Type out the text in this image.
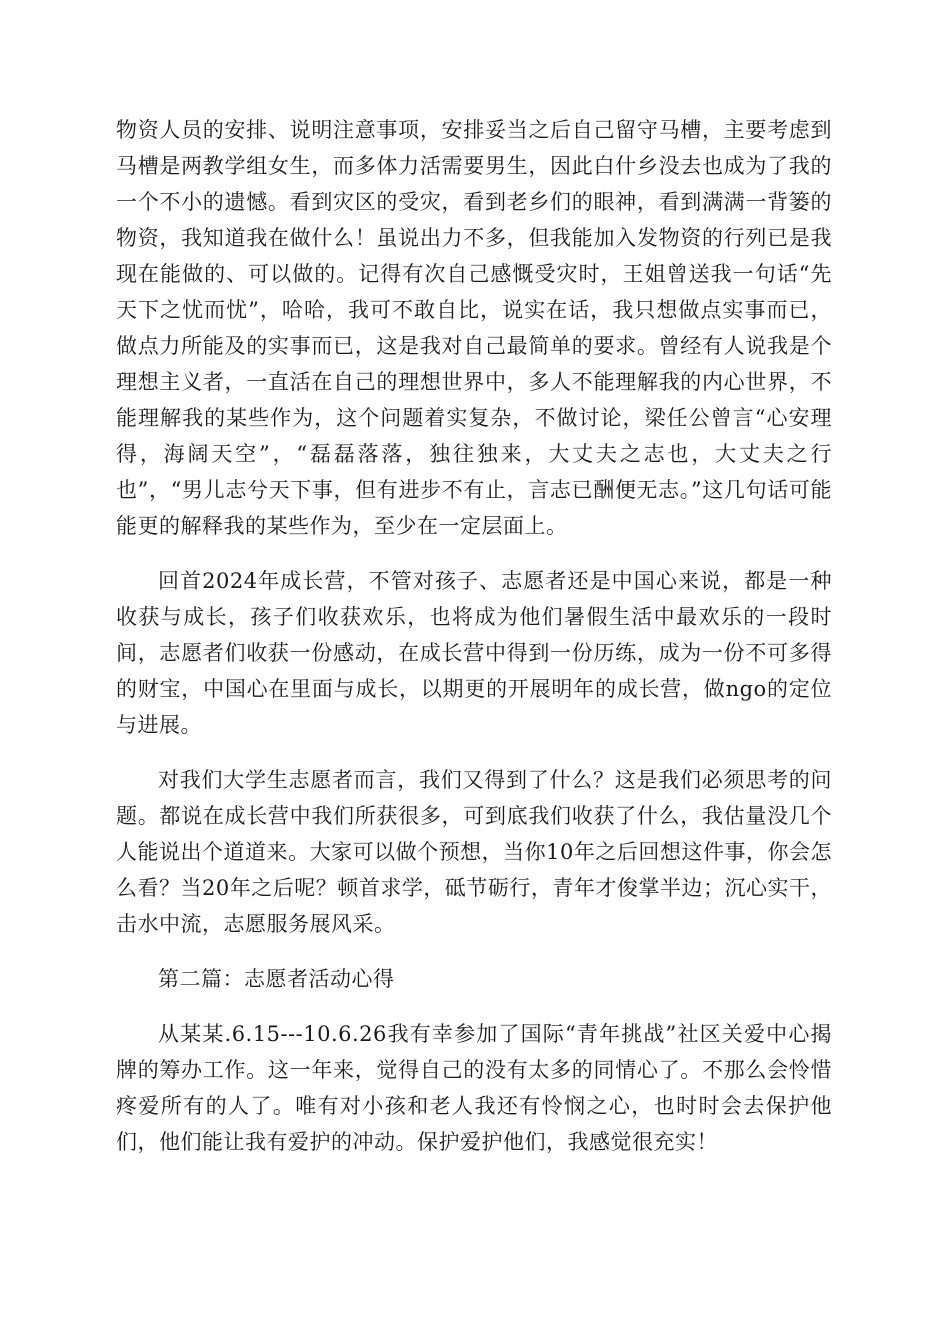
物资人员的安排、说明注意事项，安排妥当之后自己留守马槽，主要考虑到马槽是两教学组女生，而多体力活需要男生，因此白什乡没去也成为了我的一个不小的遗憾。看到灾区的受灾，看到老乡们的眼神，看到满满一背篓的物资，我知道我在做什么！虽说出力不多，但我能加入发物资的行列已是我现在能做的、可以做的。记得有次自己感慨受灾时，王姐曾送我一句话“先天下之忧而忧”，哈哈，我可不敢自比，说实在话，我只想做点实事而已，做点力所能及的实事而已，这是我对自己最简单的要求。曾经有人说我是个理想主义者，一直活在自己的理想世界中，多人不能理解我的内心世界，不能理解我的某些作为，这个问题着实复杂，不做讨论，梁任公曾言“心安理得，海阔天空”，“磊磊落落，独往独来，大丈夫之志也，大丈夫之行也”，“男儿志兮天下事，但有进步不有止，言志已酬便无志。”这几句话可能能更的解释我的某些作为，至少在一定层面上。

回首2024年成长营，不管对孩子、志愿者还是中国心来说，都是一种收获与成长，孩子们收获欢乐，也将成为他们暑假生活中最欢乐的一段时间，志愿者们收获一份感动，在成长营中得到一份历练，成为一份不可多得的财宝，中国心在里面与成长，以期更的开展明年的成长营，做ngo的定位与进展。

对我们大学生志愿者而言，我们又得到了什么？这是我们必须思考的问题。都说在成长营中我们所获很多，可到底我们收获了什么，我估量没几个人能说出个道道来。大家可以做个预想，当你10年之后回想这件事，你会怎么看？当20年之后呢？顿首求学，砥节砺行，青年才俊掌半边；沉心实干，击水中流，志愿服务展风采。

第二篇：志愿者活动心得

从某某.6.15---10.6.26我有幸参加了国际“青年挑战”社区关爱中心揭牌的筹办工作。这一年来，觉得自己的没有太多的同情心了。不那么会怜惜疼爱所有的人了。唯有对小孩和老人我还有怜悯之心，也时时会去保护他们，他们能让我有爱护的冲动。保护爱护他们，我感觉很充实！
